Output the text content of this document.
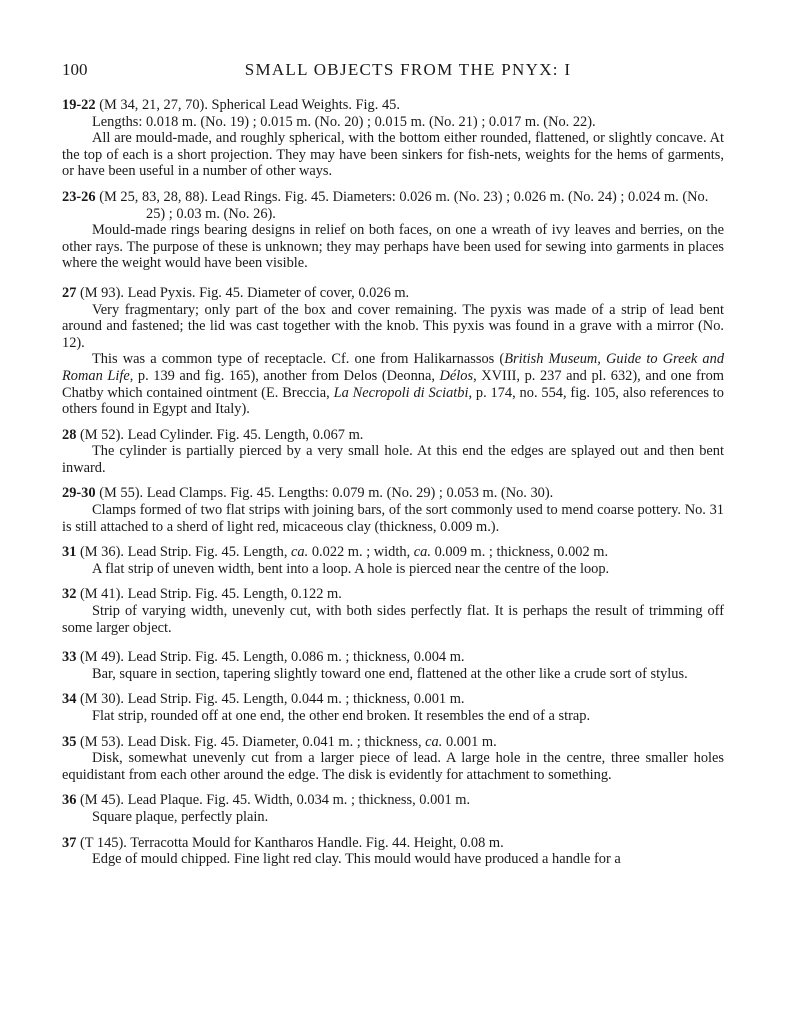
100	SMALL OBJECTS FROM THE PNYX: I

19-22 (M 34, 21, 27, 70). Spherical Lead Weights. Fig. 45.

Lengths: 0.018 m. (No. 19) ; 0.015 m. (No. 20) ; 0.015 m. (No. 21) ; 0.017 m. (No. 22).

All are mould-made, and roughly spherical, with the bottom either rounded, flattened, or slightly concave. At the top of each is a short projection. They may have been sinkers for fish-nets, weights for the hems of garments, or have been useful in a number of other ways.

23-26 (M 25, 83, 28, 88). Lead Rings. Fig. 45. Diameters: 0.026 m. (No. 23) ; 0.026 m. (No. 24) ; 0.024 m. (No. 25) ; 0.03 m. (No. 26).

Mould-made rings bearing designs in relief on both faces, on one a wreath of ivy leaves and berries, on the other rays. The purpose of these is unknown; they may perhaps have been used for sewing into garments in places where the weight would have been visible.

27 (M 93). Lead Pyxis. Fig. 45. Diameter of cover, 0.026 m.

Very fragmentary; only part of the box and cover remaining. The pyxis was made of a strip of lead bent around and fastened; the lid was cast together with the knob. This pyxis was found in a grave with a mirror (No. 12).

This was a common type of receptacle. Cf. one from Halikarnassos (British Museum, Guide to Greek and Roman Life, p. 139 and fig. 165), another from Delos (Deonna, Délos, XVIII, p. 237 and pl. 632), and one from Chatby which contained ointment (E. Breccia, La Necropoli di Sciatbi, p. 174, no. 554, fig. 105, also references to others found in Egypt and Italy).

28 (M 52). Lead Cylinder. Fig. 45. Length, 0.067 m.

The cylinder is partially pierced by a very small hole. At this end the edges are splayed out and then bent inward.

29-30 (M 55). Lead Clamps. Fig. 45. Lengths: 0.079 m. (No. 29) ; 0.053 m. (No. 30).

Clamps formed of two flat strips with joining bars, of the sort commonly used to mend coarse pottery. No. 31 is still attached to a sherd of light red, micaceous clay (thickness, 0.009 m.).

31 (M 36). Lead Strip. Fig. 45. Length, ca. 0.022 m. ; width, ca. 0.009 m. ; thickness, 0.002 m.

A flat strip of uneven width, bent into a loop. A hole is pierced near the centre of the loop.

32 (M 41). Lead Strip. Fig. 45. Length, 0.122 m.

Strip of varying width, unevenly cut, with both sides perfectly flat. It is perhaps the result of trimming off some larger object.

33 (M 49). Lead Strip. Fig. 45. Length, 0.086 m. ; thickness, 0.004 m.

Bar, square in section, tapering slightly toward one end, flattened at the other like a crude sort of stylus.

34 (M 30). Lead Strip. Fig. 45. Length, 0.044 m. ; thickness, 0.001 m.

Flat strip, rounded off at one end, the other end broken. It resembles the end of a strap.

35 (M 53). Lead Disk. Fig. 45. Diameter, 0.041 m. ; thickness, ca. 0.001 m.

Disk, somewhat unevenly cut from a larger piece of lead. A large hole in the centre, three smaller holes equidistant from each other around the edge. The disk is evidently for attachment to something.

36 (M 45). Lead Plaque. Fig. 45. Width, 0.034 m. ; thickness, 0.001 m.

Square plaque, perfectly plain.

37 (T 145). Terracotta Mould for Kantharos Handle. Fig. 44. Height, 0.08 m.

Edge of mould chipped. Fine light red clay. This mould would have produced a handle for a
